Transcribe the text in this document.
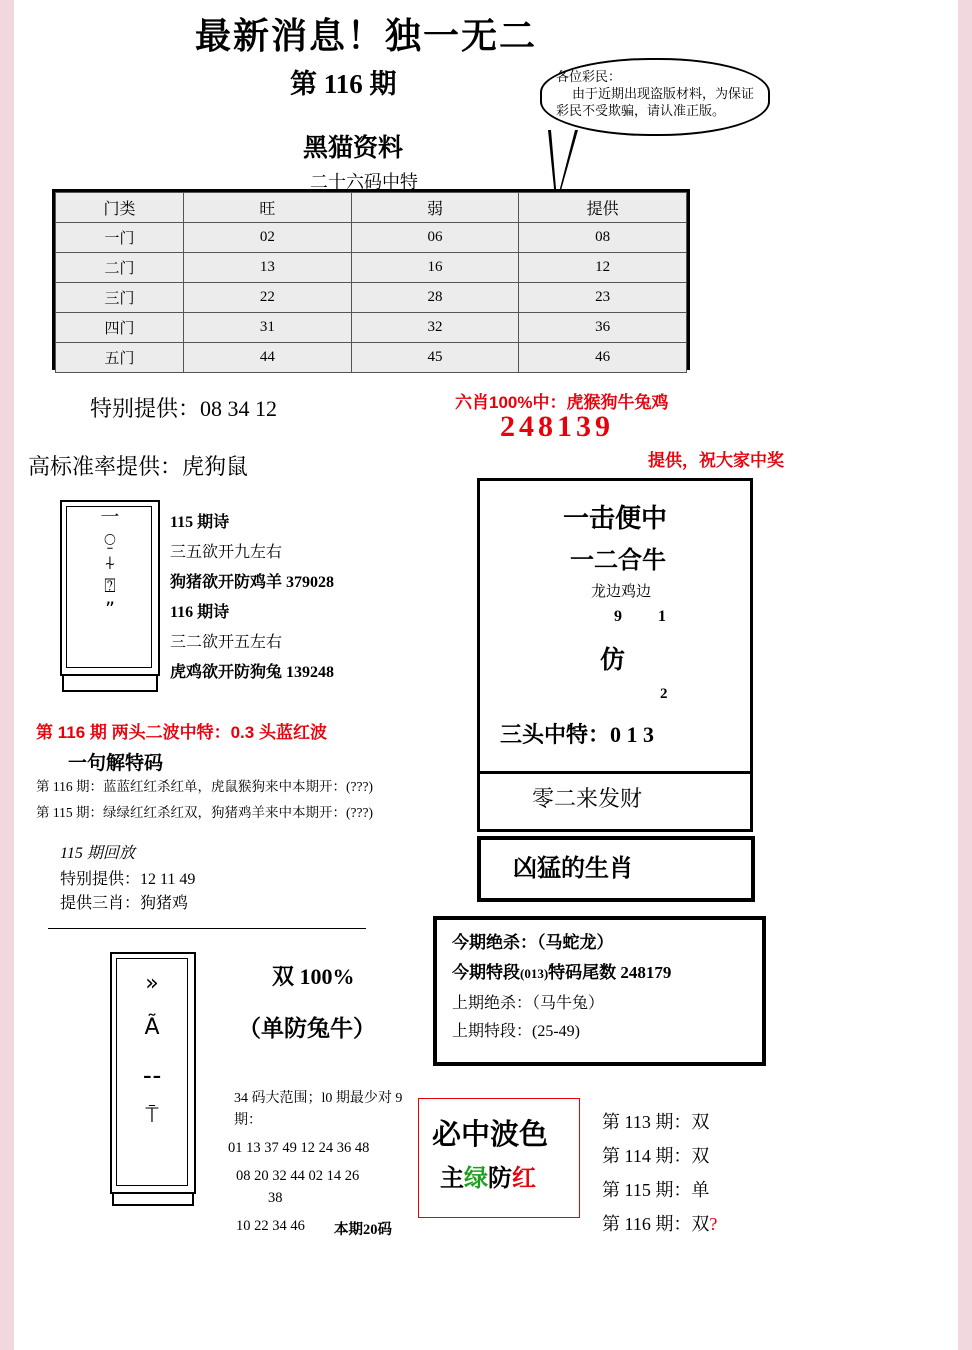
最新消息！独一无二
第 116 期
黑猫资料
二十六码中特
各位彩民：
由于近期出现盗版材料，为保证彩民不受欺骗，请认准正版。
门类	旺	弱	提供
一门	02	06	08
二门	13	16	12
三门	22	28	23
四门	31	32	36
五门	44	45	46
特别提供：08 34 12
高标准率提供：虎狗鼠
六肖100%中：虎猴狗牛兔鸡
248139
提供，祝大家中奖
一
⍜
⍭
⍰
”
115 期诗
三五欲开九左右
狗猪欲开防鸡羊 379028
116 期诗
三二欲开五左右
虎鸡欲开防狗兔 139248
第 116 期 两头二波中特：0.3 头蓝红波
一句解特码
第 116 期：蓝蓝红红杀红单，虎鼠猴狗来中本期开：(???)
第 115 期：绿绿红红杀红双，狗猪鸡羊来中本期开：(???)
115 期回放
特别提供：12 11 49
提供三肖：狗猪鸡
»
Ã
⚋
⍑
双 100%
（单防兔牛）
34 码大范围；l0 期最少对 9 期：
01 13 37 49 12 24 36 48
08 20 32 44 02 14 26
38
10 22 34 46 本期20码
一击便中
一二合牛
龙边鸡边
9 1
仿
2
三头中特：0 1 3
零二来发财
凶猛的生肖
今期绝杀：（马蛇龙）
今期特段(013)特码尾数 248179
上期绝杀：（马牛兔）
上期特段：(25-49)
必中波色
主绿防红
第 113 期：双
第 114 期：双
第 115 期：单
第 116 期：双?
